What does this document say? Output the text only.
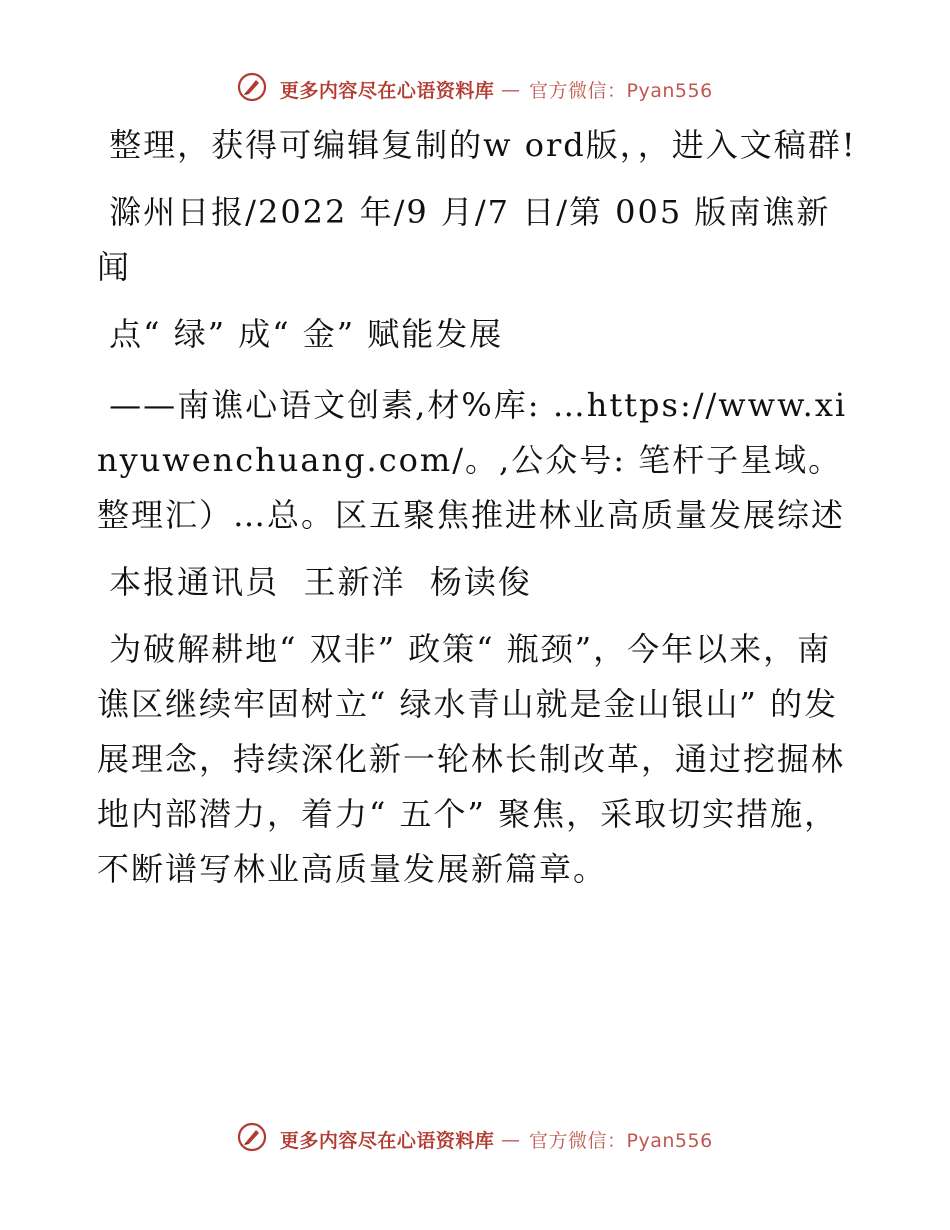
更多内容尽在心语资料库 — 官方微信：Pyan556

整理，获得可编辑复制的w ord版，，进入文稿群!

滁州日报/2022 年/9 月/7 日/第 005 版南谯新闻

点“ 绿” 成“ 金” 赋能发展

——南谯心语文创素,材%库: …https://www.xinyuwenchuang.com/。,公众号: 笔杆子星域。整理汇）…总。区五聚焦推进林业高质量发展综述

本报通讯员  王新洋  杨读俊

为破解耕地“ 双非” 政策“ 瓶颈”，今年以来，南谯区继续牢固树立“ 绿水青山就是金山银山” 的发展理念，持续深化新一轮林长制改革，通过挖掘林地内部潜力，着力“ 五个” 聚焦，采取切实措施，不断谱写林业高质量发展新篇章。

更多内容尽在心语资料库 — 官方微信：Pyan556
